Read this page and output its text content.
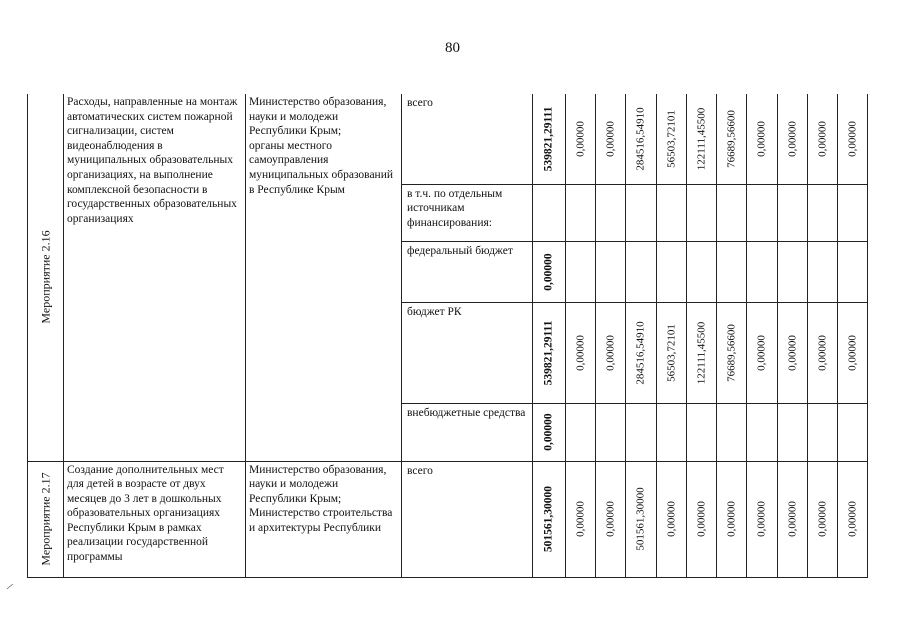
80
Мероприятие 2.16	Расходы, направленные на монтаж автоматических систем пожарной сигнализации, систем видеонаблюдения в муниципальных образовательных организациях, на выполнение комплексной безопасности в государственных образовательных организациях	Министерство образования, науки и молодежи Республики Крым;
органы местного самоуправления муниципальных образований в Республике Крым	всего	539821,29111	0,00000	0,00000	284516,54910	56503,72101	122111,45500	76689,56600	0,00000	0,00000	0,00000	0,00000

			в т.ч. по отдельным источникам финансирования:											

			федеральный бюджет	0,00000										

			бюджет РК	539821,29111	0,00000	0,00000	284516,54910	56503,72101	122111,45500	76689,56600	0,00000	0,00000	0,00000	0,00000

			внебюджетные средства	0,00000										

Мероприятие 2.17	Создание дополнительных мест для детей в возрасте от двух месяцев до 3 лет в дошкольных образовательных организациях Республики Крым в рамках реализации государственной программы	Министерство образования, науки и молодежи Республики Крым;
Министерство строительства и архитектуры Республики	всего	501561,30000	0,00000	0,00000	501561,30000	0,00000	0,00000	0,00000	0,00000	0,00000	0,00000	0,00000
⸝
